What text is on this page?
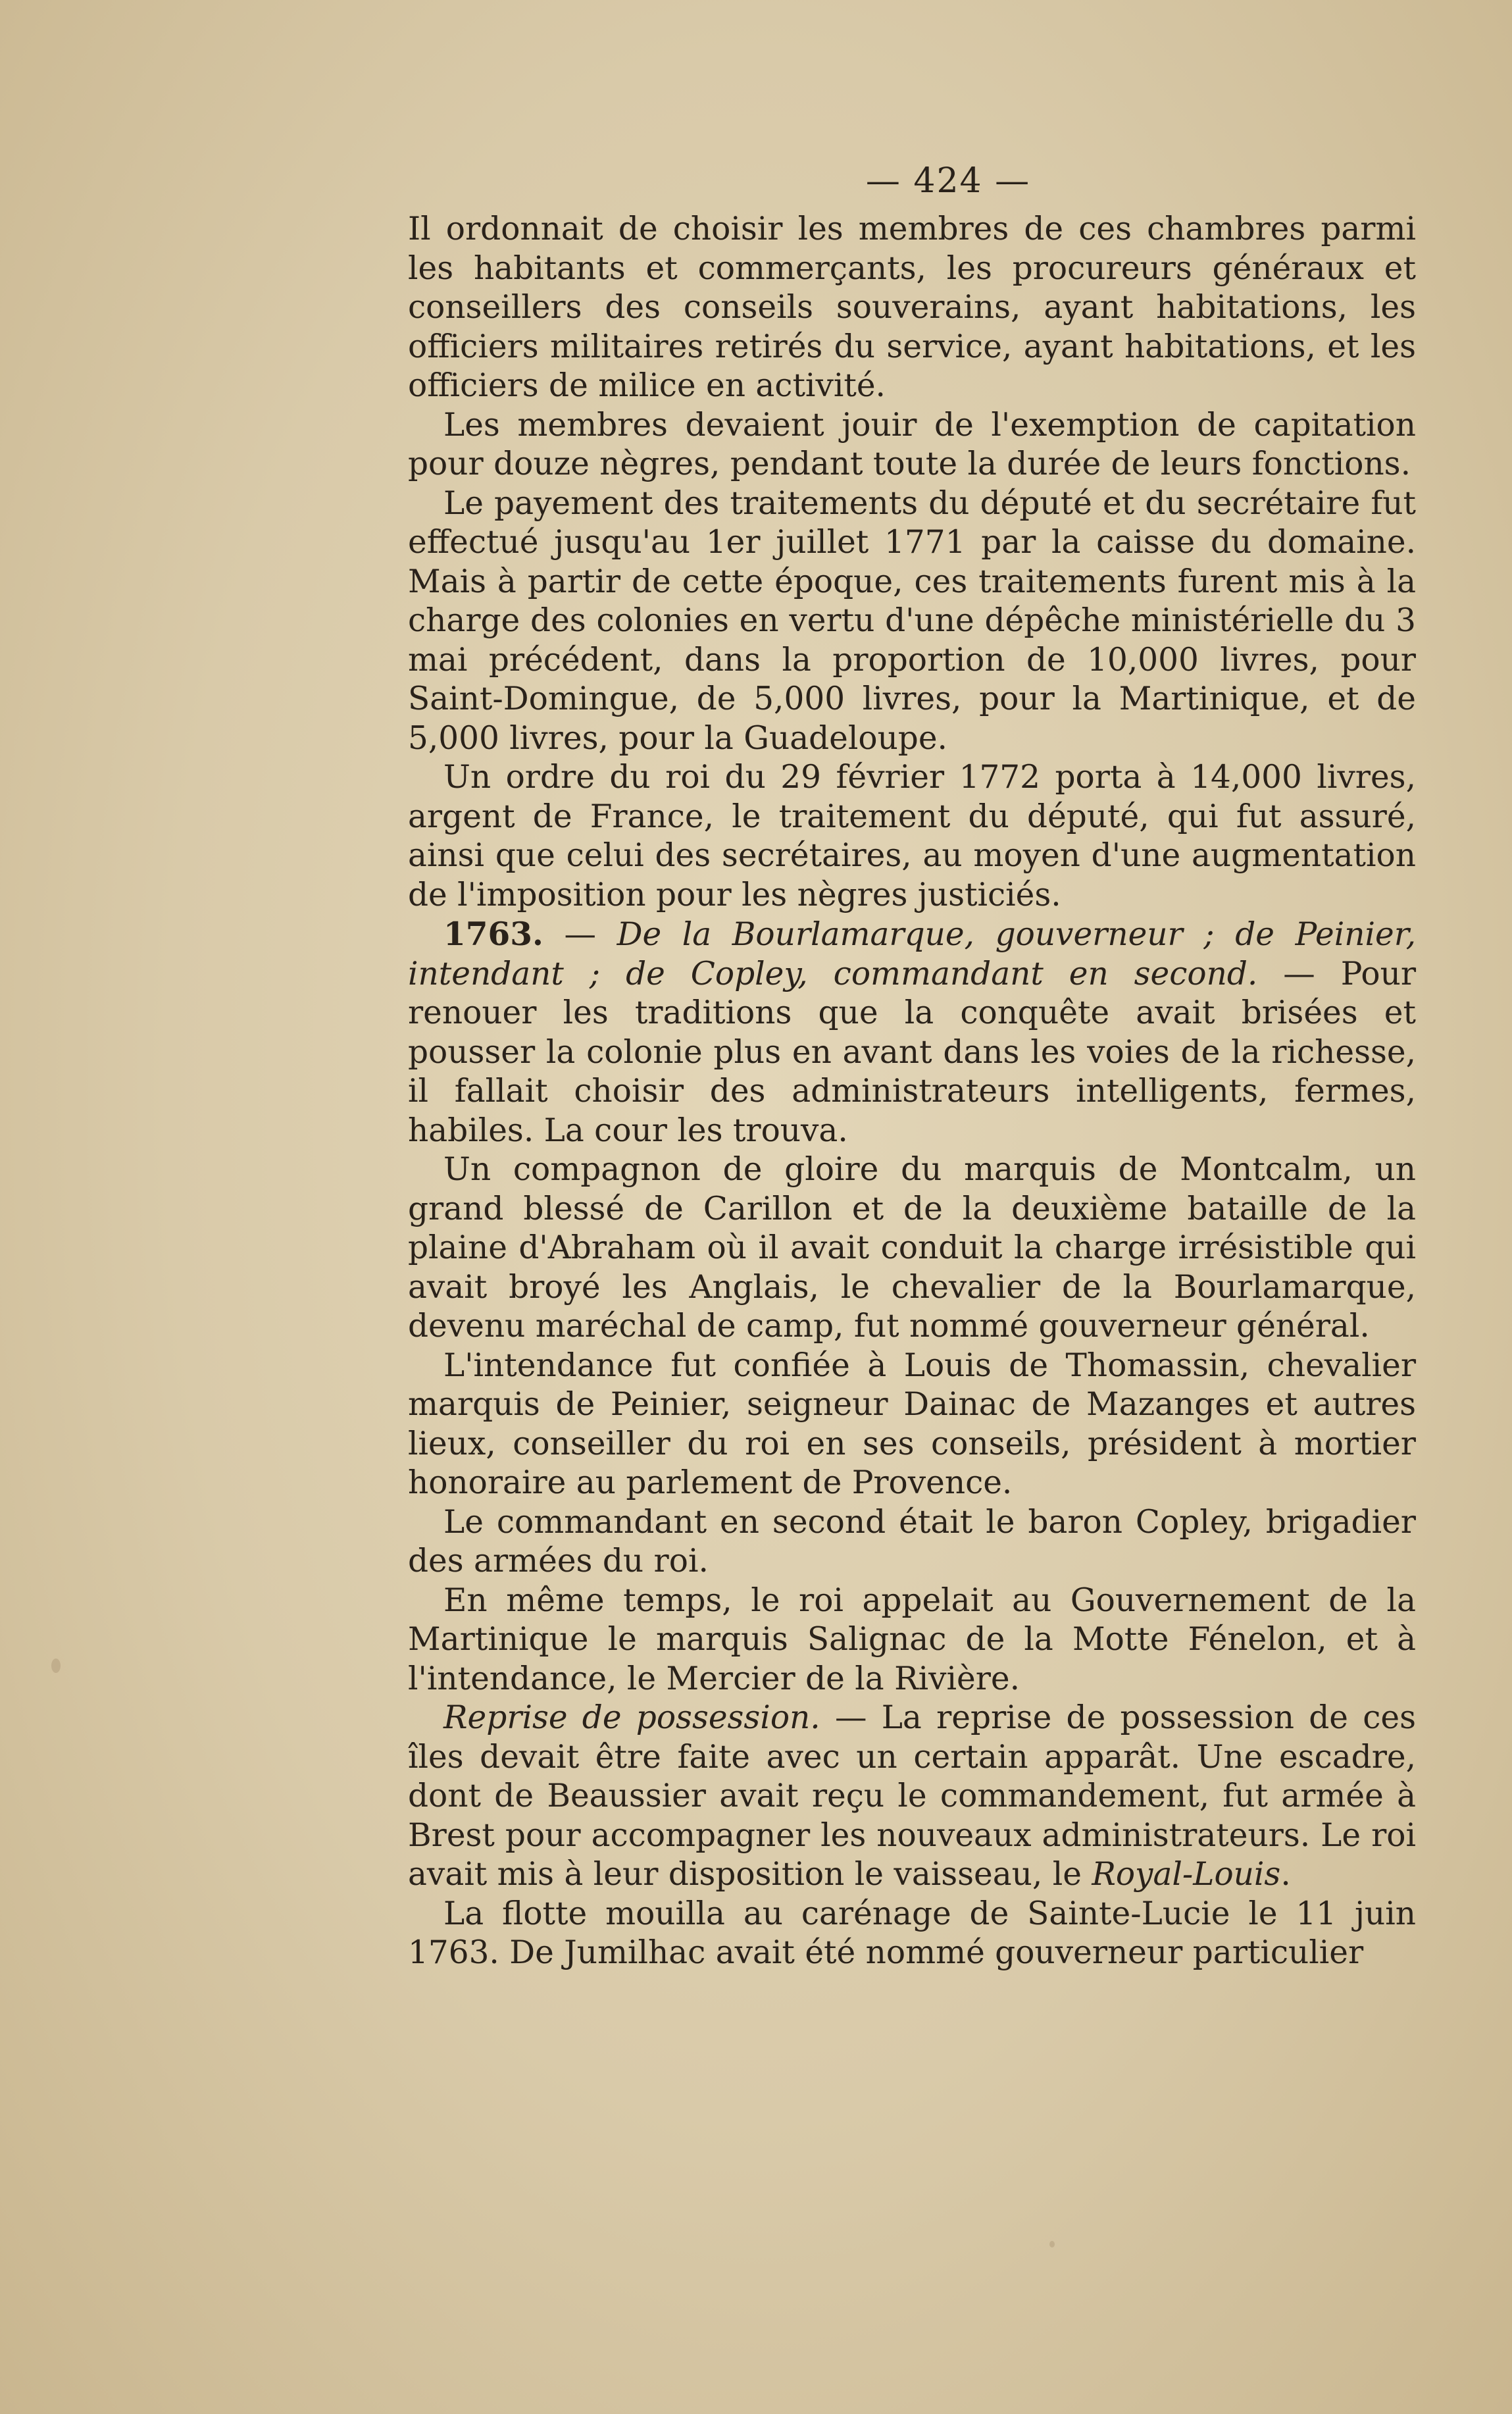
— 424 —

Il ordonnait de choisir les membres de ces chambres parmi les habitants et commerçants, les procureurs généraux et conseillers des conseils souverains, ayant habitations, les officiers militaires retirés du service, ayant habitations, et les officiers de milice en activité.

Les membres devaient jouir de l'exemption de capitation pour douze nègres, pendant toute la durée de leurs fonctions.

Le payement des traitements du député et du secrétaire fut effectué jusqu'au 1er juillet 1771 par la caisse du domaine. Mais à partir de cette époque, ces traitements furent mis à la charge des colonies en vertu d'une dépêche ministérielle du 3 mai précédent, dans la proportion de 10,000 livres, pour Saint-Domingue, de 5,000 livres, pour la Martinique, et de 5,000 livres, pour la Guadeloupe.

Un ordre du roi du 29 février 1772 porta à 14,000 livres, argent de France, le traitement du député, qui fut assuré, ainsi que celui des secrétaires, au moyen d'une augmentation de l'imposition pour les nègres justiciés.

1763. — De la Bourlamarque, gouverneur ; de Peinier, intendant ; de Copley, commandant en second. — Pour renouer les traditions que la conquête avait brisées et pousser la colonie plus en avant dans les voies de la richesse, il fallait choisir des administrateurs intelligents, fermes, habiles. La cour les trouva.

Un compagnon de gloire du marquis de Montcalm, un grand blessé de Carillon et de la deuxième bataille de la plaine d'Abraham où il avait conduit la charge irrésistible qui avait broyé les Anglais, le chevalier de la Bourlamarque, devenu maréchal de camp, fut nommé gouverneur général.

L'intendance fut confiée à Louis de Thomassin, chevalier marquis de Peinier, seigneur Dainac de Mazanges et autres lieux, conseiller du roi en ses conseils, président à mortier honoraire au parlement de Provence.

Le commandant en second était le baron Copley, brigadier des armées du roi.

En même temps, le roi appelait au Gouvernement de la Martinique le marquis Salignac de la Motte Fénelon, et à l'intendance, le Mercier de la Rivière.

Reprise de possession. — La reprise de possession de ces îles devait être faite avec un certain apparât. Une escadre, dont de Beaussier avait reçu le commandement, fut armée à Brest pour accompagner les nouveaux administrateurs. Le roi avait mis à leur disposition le vaisseau, le Royal-Louis.

La flotte mouilla au carénage de Sainte-Lucie le 11 juin 1763. De Jumilhac avait été nommé gouverneur particulier
